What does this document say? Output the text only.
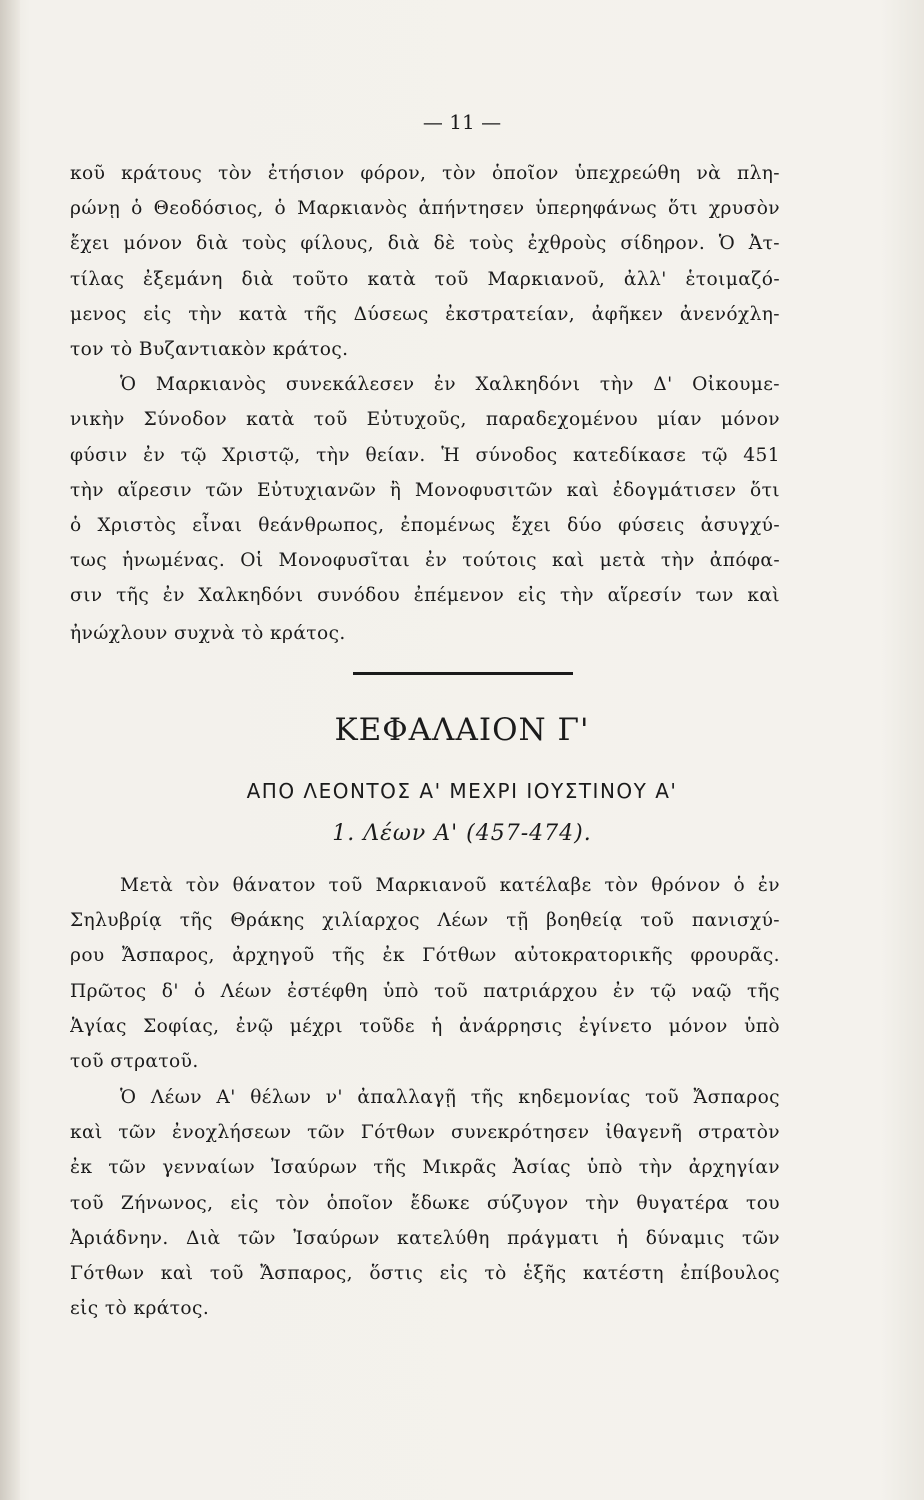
— 11 —
κοῦ κράτους τὸν ἐτήσιον φόρον, τὸν ὁποῖον ὑπεχρεώθη νὰ πλη-
ρώνῃ ὁ Θεοδόσιος, ὁ Μαρκιανὸς ἀπήντησεν ὑπερηφάνως ὅτι χρυσὸν
ἔχει μόνον διὰ τοὺς φίλους, διὰ δὲ τοὺς ἐχθροὺς σίδηρον. Ὁ Ἀτ-
τίλας ἐξεμάνη διὰ τοῦτο κατὰ τοῦ Μαρκιανοῦ, ἀλλ' ἑτοιμαζό-
μενος εἰς τὴν κατὰ τῆς Δύσεως ἐκστρατείαν, ἀφῆκεν ἀνενόχλη-
τον τὸ Βυζαντιακὸν κράτος.
Ὁ Μαρκιανὸς συνεκάλεσεν ἐν Χαλκηδόνι τὴν Δ' Οἰκουμε-
νικὴν Σύνοδον κατὰ τοῦ Εὐτυχοῦς, παραδεχομένου μίαν μόνον
φύσιν ἐν τῷ Χριστῷ, τὴν θείαν. Ἡ σύνοδος κατεδίκασε τῷ 451
τὴν αἵρεσιν τῶν Εὐτυχιανῶν ἢ Μονοφυσιτῶν καὶ ἐδογμάτισεν ὅτι
ὁ Χριστὸς εἶναι θεάνθρωπος, ἐπομένως ἔχει δύο φύσεις ἀσυγχύ-
τως ἡνωμένας. Οἱ Μονοφυσῖται ἐν τούτοις καὶ μετὰ τὴν ἀπόφα-
σιν τῆς ἐν Χαλκηδόνι συνόδου ἐπέμενον εἰς τὴν αἵρεσίν των καὶ
ἠνώχλουν συχνὰ τὸ κράτος.
ΚΕΦΑΛΑΙΟΝ Γ'
ΑΠΟ ΛΕΟΝΤΟΣ Α' ΜΕΧΡΙ ΙΟΥΣΤΙΝΟΥ Α'
1. Λέων Α' (457-474).
Μετὰ τὸν θάνατον τοῦ Μαρκιανοῦ κατέλαβε τὸν θρόνον ὁ ἐν
Σηλυβρίᾳ τῆς Θράκης χιλίαρχος Λέων τῇ βοηθείᾳ τοῦ πανισχύ-
ρου Ἄσπαρος, ἀρχηγοῦ τῆς ἐκ Γότθων αὐτοκρατορικῆς φρουρᾶς.
Πρῶτος δ' ὁ Λέων ἐστέφθη ὑπὸ τοῦ πατριάρχου ἐν τῷ ναῷ τῆς
Ἁγίας Σοφίας, ἐνῷ μέχρι τοῦδε ἡ ἀνάρρησις ἐγίνετο μόνον ὑπὸ
τοῦ στρατοῦ.
Ὁ Λέων Α' θέλων ν' ἀπαλλαγῇ τῆς κηδεμονίας τοῦ Ἄσπαρος
καὶ τῶν ἐνοχλήσεων τῶν Γότθων συνεκρότησεν ἰθαγενῆ στρατὸν
ἐκ τῶν γενναίων Ἰσαύρων τῆς Μικρᾶς Ἀσίας ὑπὸ τὴν ἀρχηγίαν
τοῦ Ζήνωνος, εἰς τὸν ὁποῖον ἔδωκε σύζυγον τὴν θυγατέρα του
Ἀριάδνην. Διὰ τῶν Ἰσαύρων κατελύθη πράγματι ἡ δύναμις τῶν
Γότθων καὶ τοῦ Ἄσπαρος, ὅστις εἰς τὸ ἑξῆς κατέστη ἐπίβουλος
εἰς τὸ κράτος.
